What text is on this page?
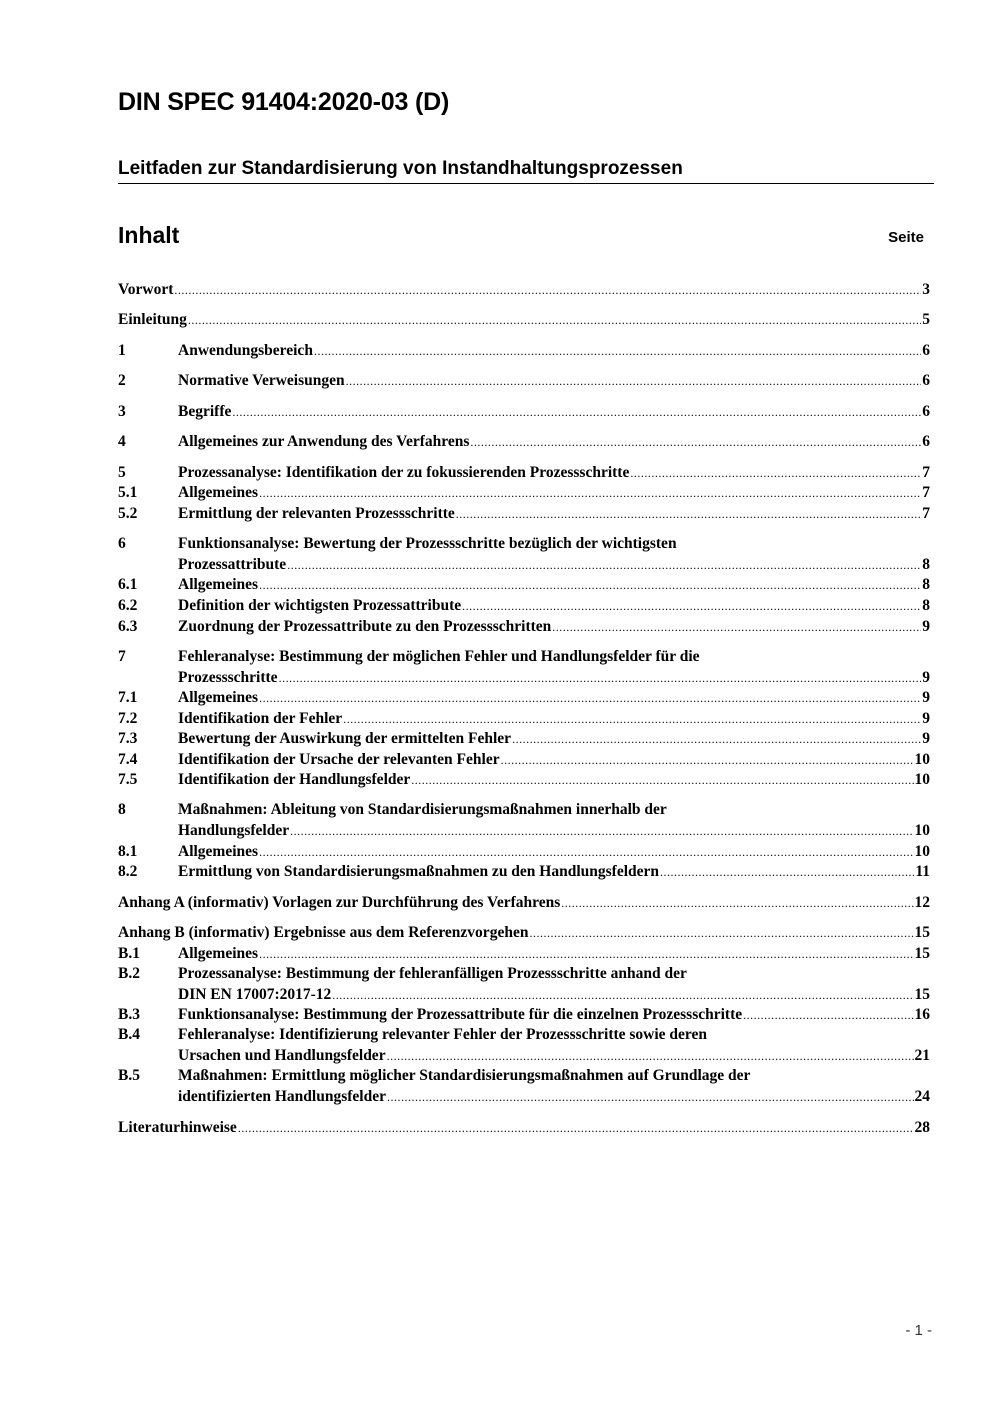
DIN SPEC 91404:2020-03 (D)
Leitfaden zur Standardisierung von Instandhaltungsprozessen
Inhalt	Seite
Vorwort .....	3
Einleitung .....	5
1	Anwendungsbereich .....	6
2	Normative Verweisungen .....	6
3	Begriffe .....	6
4	Allgemeines zur Anwendung des Verfahrens .....	6
5	Prozessanalyse: Identifikation der zu fokussierenden Prozessschritte .....	7
5.1	Allgemeines .....	7
5.2	Ermittlung der relevanten Prozessschritte .....	7
6	Funktionsanalyse: Bewertung der Prozessschritte bezüglich der wichtigsten
Prozessattribute .....	8
6.1	Allgemeines .....	8
6.2	Definition der wichtigsten Prozessattribute .....	8
6.3	Zuordnung der Prozessattribute zu den Prozessschritten .....	9
7	Fehleranalyse: Bestimmung der möglichen Fehler und Handlungsfelder für die
Prozessschritte .....	9
7.1	Allgemeines .....	9
7.2	Identifikation der Fehler .....	9
7.3	Bewertung der Auswirkung der ermittelten Fehler .....	9
7.4	Identifikation der Ursache der relevanten Fehler .....	10
7.5	Identifikation der Handlungsfelder .....	10
8	Maßnahmen: Ableitung von Standardisierungsmaßnahmen innerhalb der
Handlungsfelder .....	10
8.1	Allgemeines .....	10
8.2	Ermittlung von Standardisierungsmaßnahmen zu den Handlungsfeldern .....	11
Anhang A (informativ) Vorlagen zur Durchführung des Verfahrens .....	12
Anhang B (informativ) Ergebnisse aus dem Referenzvorgehen .....	15
B.1	Allgemeines .....	15
B.2	Prozessanalyse: Bestimmung der fehleranfälligen Prozessschritte anhand der
DIN EN 17007:2017-12 .....	15
B.3	Funktionsanalyse: Bestimmung der Prozessattribute für die einzelnen Prozessschritte .....	16
B.4	Fehleranalyse: Identifizierung relevanter Fehler der Prozessschritte sowie deren
Ursachen und Handlungsfelder .....	21
B.5	Maßnahmen: Ermittlung möglicher Standardisierungsmaßnahmen auf Grundlage der
identifizierten Handlungsfelder .....	24
Literaturhinweise .....	28
- 1 -
